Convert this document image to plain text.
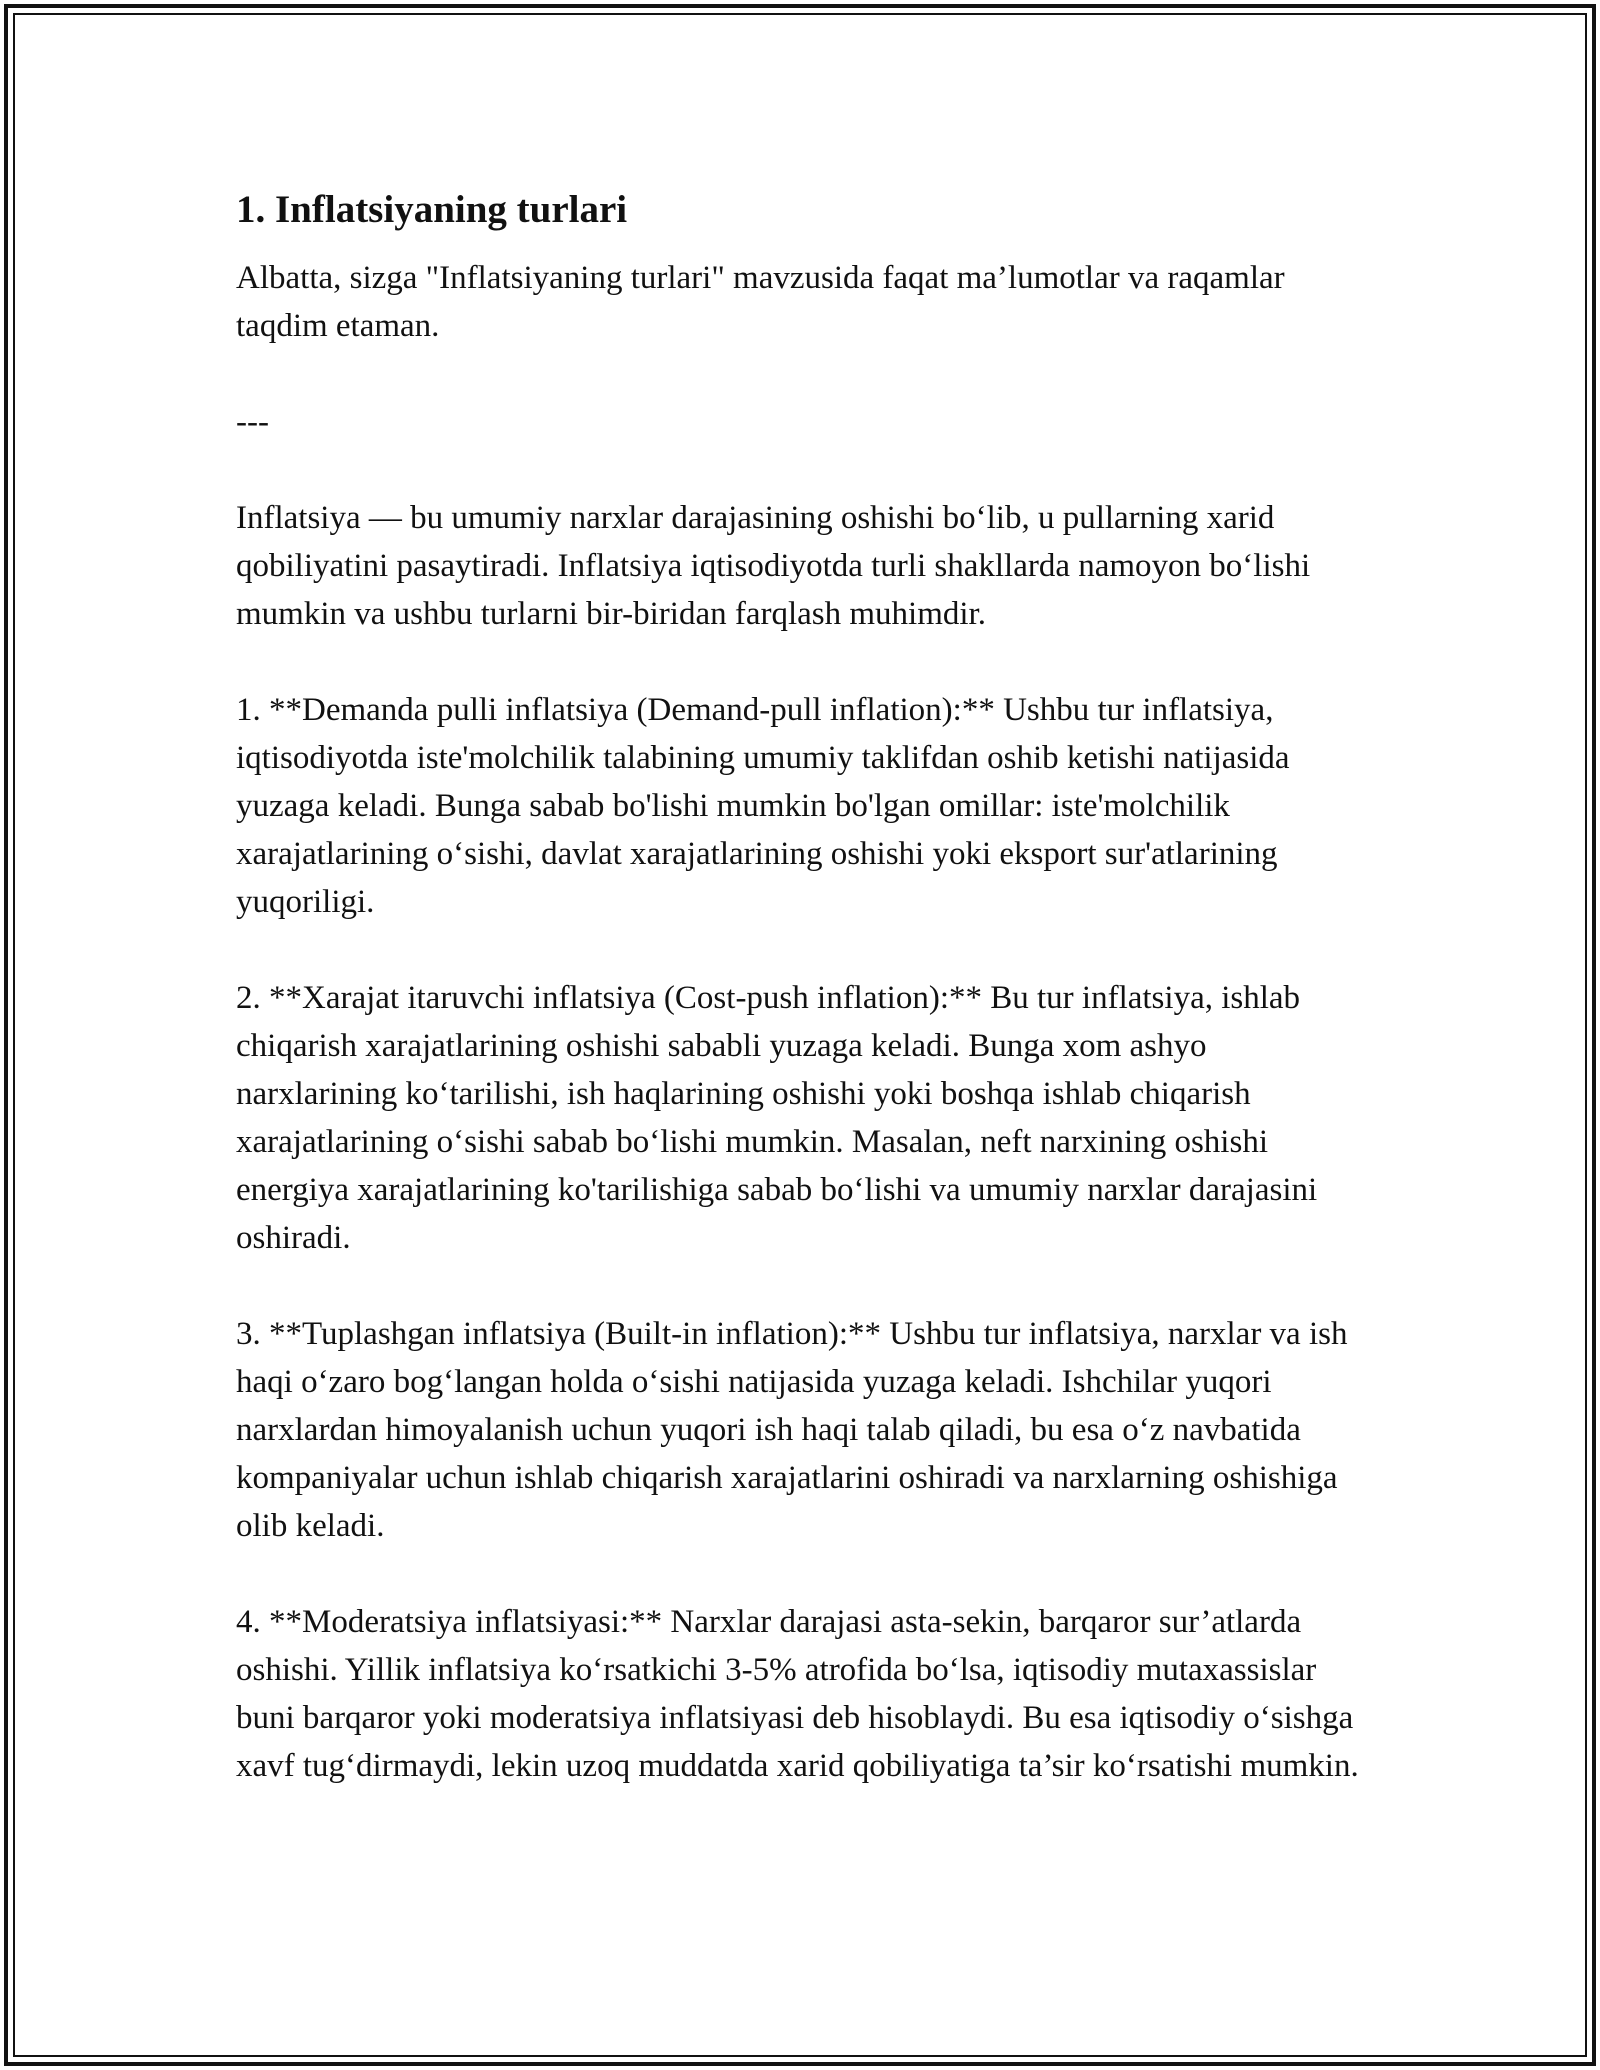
1. Inflatsiyaning turlari

Albatta, sizga "Inflatsiyaning turlari" mavzusida faqat ma’lumotlar va raqamlar taqdim etaman.

---

Inflatsiya — bu umumiy narxlar darajasining oshishi bo‘lib, u pullarning xarid qobiliyatini pasaytiradi. Inflatsiya iqtisodiyotda turli shakllarda namoyon bo‘lishi mumkin va ushbu turlarni bir-biridan farqlash muhimdir.

1. **Demanda pulli inflatsiya (Demand-pull inflation):** Ushbu tur inflatsiya, iqtisodiyotda iste'molchilik talabining umumiy taklifdan oshib ketishi natijasida yuzaga keladi. Bunga sabab bo'lishi mumkin bo'lgan omillar: iste'molchilik xarajatlarining o‘sishi, davlat xarajatlarining oshishi yoki eksport sur'atlarining yuqoriligi.

2. **Xarajat itaruvchi inflatsiya (Cost-push inflation):** Bu tur inflatsiya, ishlab chiqarish xarajatlarining oshishi sababli yuzaga keladi. Bunga xom ashyo narxlarining ko‘tarilishi, ish haqlarining oshishi yoki boshqa ishlab chiqarish xarajatlarining o‘sishi sabab bo‘lishi mumkin. Masalan, neft narxining oshishi energiya xarajatlarining ko'tarilishiga sabab bo‘lishi va umumiy narxlar darajasini oshiradi.

3. **Tuplashgan inflatsiya (Built-in inflation):** Ushbu tur inflatsiya, narxlar va ish haqi o‘zaro bog‘langan holda o‘sishi natijasida yuzaga keladi. Ishchilar yuqori narxlardan himoyalanish uchun yuqori ish haqi talab qiladi, bu esa o‘z navbatida kompaniyalar uchun ishlab chiqarish xarajatlarini oshiradi va narxlarning oshishiga olib keladi.

4. **Moderatsiya inflatsiyasi:** Narxlar darajasi asta-sekin, barqaror sur’atlarda oshishi. Yillik inflatsiya ko‘rsatkichi 3-5% atrofida bo‘lsa, iqtisodiy mutaxassislar buni barqaror yoki moderatsiya inflatsiyasi deb hisoblaydi. Bu esa iqtisodiy o‘sishga xavf tug‘dirmaydi, lekin uzoq muddatda xarid qobiliyatiga ta’sir ko‘rsatishi mumkin.
